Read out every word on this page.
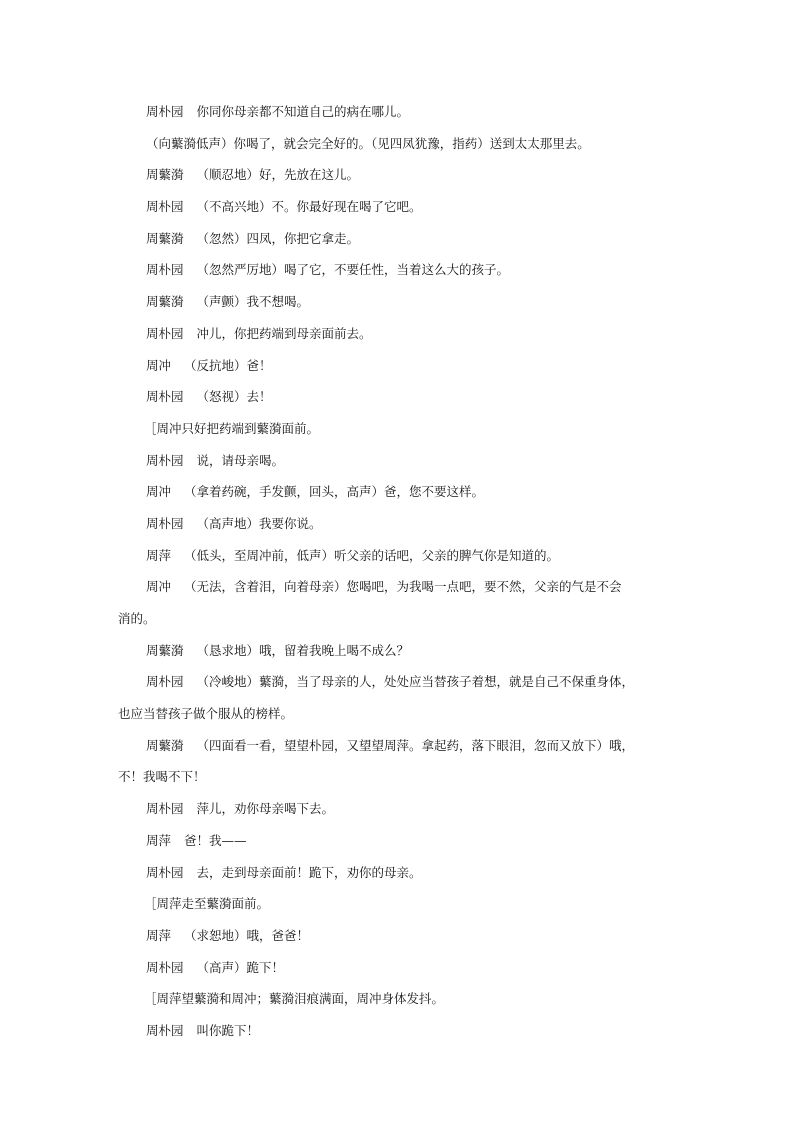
周朴园 你同你母亲都不知道自己的病在哪儿。
（向蘩漪低声）你喝了，就会完全好的。（见四凤犹豫，指药）送到太太那里去。
周蘩漪 （顺忍地）好，先放在这儿。
周朴园 （不高兴地）不。你最好现在喝了它吧。
周蘩漪 （忽然）四凤，你把它拿走。
周朴园 （忽然严厉地）喝了它，不要任性，当着这么大的孩子。
周蘩漪 （声颤）我不想喝。
周朴园 冲儿，你把药端到母亲面前去。
周冲 （反抗地）爸！
周朴园 （怒视）去！
［周冲只好把药端到蘩漪面前。
周朴园 说，请母亲喝。
周冲 （拿着药碗，手发颤，回头，高声）爸，您不要这样。
周朴园 （高声地）我要你说。
周萍 （低头，至周冲前，低声）听父亲的话吧，父亲的脾气你是知道的。
周冲 （无法，含着泪，向着母亲）您喝吧，为我喝一点吧，要不然，父亲的气是不会
消的。
周蘩漪 （恳求地）哦，留着我晚上喝不成么？
周朴园 （冷峻地）蘩漪，当了母亲的人，处处应当替孩子着想，就是自己不保重身体，
也应当替孩子做个服从的榜样。
周蘩漪 （四面看一看，望望朴园，又望望周萍。拿起药，落下眼泪，忽而又放下）哦，
不！我喝不下！
周朴园 萍儿，劝你母亲喝下去。
周萍 爸！我——
周朴园 去，走到母亲面前！跪下，劝你的母亲。
［周萍走至蘩漪面前。
周萍 （求恕地）哦，爸爸！
周朴园 （高声）跪下！
［周萍望蘩漪和周冲；蘩漪泪痕满面，周冲身体发抖。
周朴园 叫你跪下！
